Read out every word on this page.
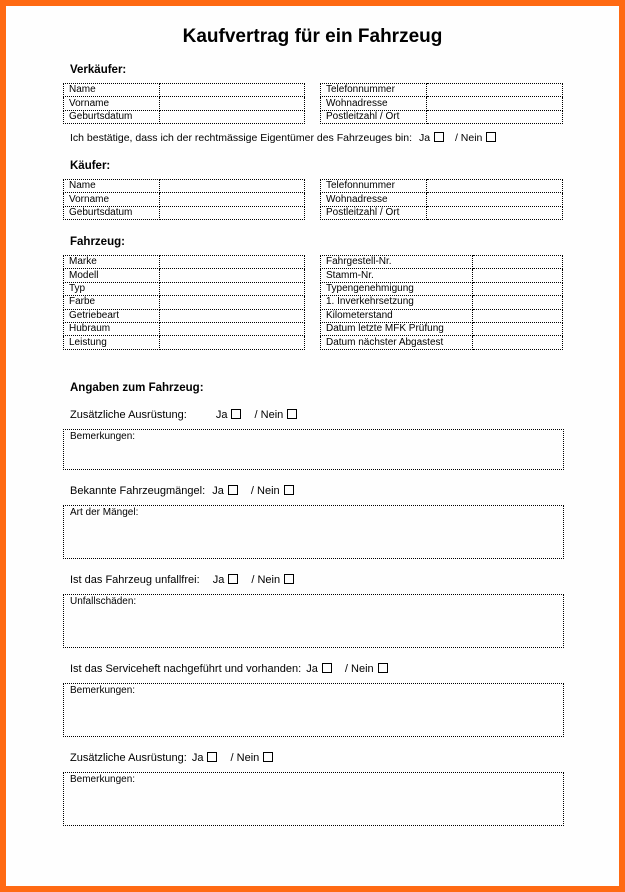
Kaufvertrag für ein Fahrzeug
Verkäufer:
Name	
Vorname	
Geburtsdatum	
Telefonnummer	
Wohnadresse	
Postleitzahl / Ort	
Ich bestätige, dass ich der rechtmässige Eigentümer des Fahrzeuges bin: Ja / Nein
Käufer:
Name	
Vorname	
Geburtsdatum	
Telefonnummer	
Wohnadresse	
Postleitzahl / Ort	
Fahrzeug:
Marke	
Modell	
Typ	
Farbe	
Getriebeart	
Hubraum	
Leistung	
Fahrgestell-Nr.	
Stamm-Nr.	
Typengenehmigung	
1. Inverkehrsetzung	
Kilometerstand	
Datum letzte MFK Prüfung	
Datum nächster Abgastest	
Angaben zum Fahrzeug:
Zusätzliche Ausrüstung:	Ja / Nein
Bemerkungen:
Bekannte Fahrzeugmängel: Ja / Nein
Art der Mängel:
Ist das Fahrzeug unfallfrei: Ja / Nein
Unfallschäden:
Ist das Serviceheft nachgeführt und vorhanden: Ja / Nein
Bemerkungen:
Zusätzliche Ausrüstung: Ja / Nein
Bemerkungen:
